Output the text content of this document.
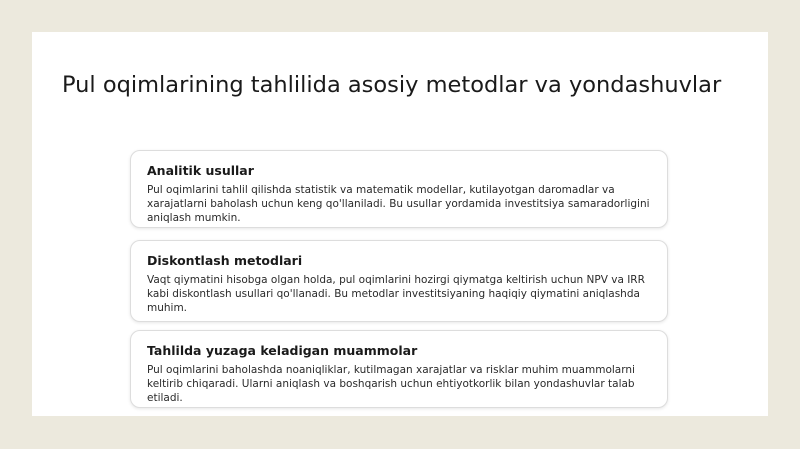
Pul oqimlarining tahlilida asosiy metodlar va yondashuvlar
Analitik usullar

Pul oqimlarini tahlil qilishda statistik va matematik modellar, kutilayotgan daromadlar va xarajatlarni baholash uchun keng qo'llaniladi. Bu usullar yordamida investitsiya samaradorligini aniqlash mumkin.

Diskontlash metodlari

Vaqt qiymatini hisobga olgan holda, pul oqimlarini hozirgi qiymatga keltirish uchun NPV va IRR kabi diskontlash usullari qo'llanadi. Bu metodlar investitsiyaning haqiqiy qiymatini aniqlashda muhim.

Tahlilda yuzaga keladigan muammolar

Pul oqimlarini baholashda noaniqliklar, kutilmagan xarajatlar va risklar muhim muammolarni keltirib chiqaradi. Ularni aniqlash va boshqarish uchun ehtiyotkorlik bilan yondashuvlar talab etiladi.
